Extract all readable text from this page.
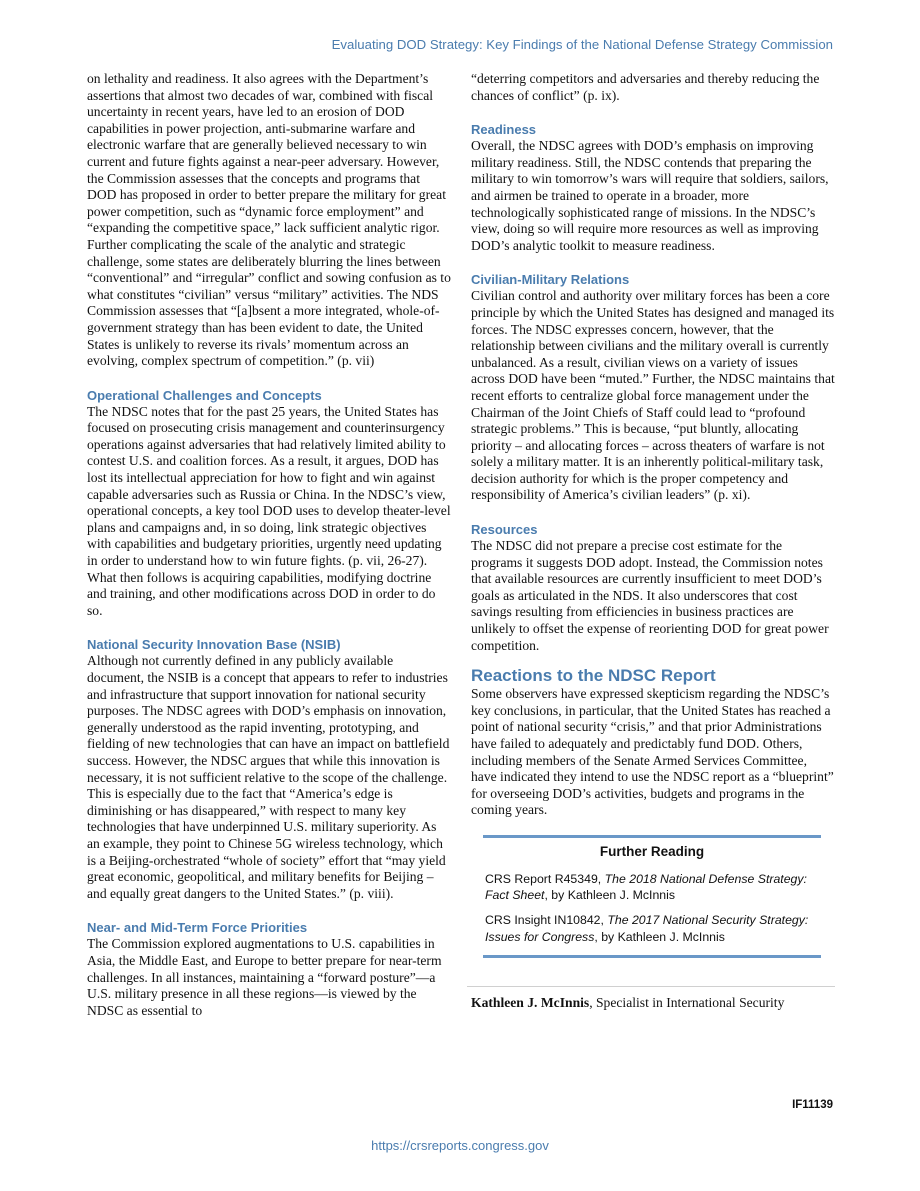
Evaluating DOD Strategy: Key Findings of the National Defense Strategy Commission

on lethality and readiness. It also agrees with the Department’s assertions that almost two decades of war, combined with fiscal uncertainty in recent years, have led to an erosion of DOD capabilities in power projection, anti-submarine warfare and electronic warfare that are generally believed necessary to win current and future fights against a near-peer adversary. However, the Commission assesses that the concepts and programs that DOD has proposed in order to better prepare the military for great power competition, such as “dynamic force employment” and “expanding the competitive space,” lack sufficient analytic rigor. Further complicating the scale of the analytic and strategic challenge, some states are deliberately blurring the lines between “conventional” and “irregular” conflict and sowing confusion as to what constitutes “civilian” versus “military” activities. The NDS Commission assesses that “[a]bsent a more integrated, whole-of-government strategy than has been evident to date, the United States is unlikely to reverse its rivals’ momentum across an evolving, complex spectrum of competition.” (p. vii)

Operational Challenges and Concepts

The NDSC notes that for the past 25 years, the United States has focused on prosecuting crisis management and counterinsurgency operations against adversaries that had relatively limited ability to contest U.S. and coalition forces. As a result, it argues, DOD has lost its intellectual appreciation for how to fight and win against capable adversaries such as Russia or China. In the NDSC’s view, operational concepts, a key tool DOD uses to develop theater-level plans and campaigns and, in so doing, link strategic objectives with capabilities and budgetary priorities, urgently need updating in order to understand how to win future fights. (p. vii, 26-27). What then follows is acquiring capabilities, modifying doctrine and training, and other modifications across DOD in order to do so.

National Security Innovation Base (NSIB)

Although not currently defined in any publicly available document, the NSIB is a concept that appears to refer to industries and infrastructure that support innovation for national security purposes. The NDSC agrees with DOD’s emphasis on innovation, generally understood as the rapid inventing, prototyping, and fielding of new technologies that can have an impact on battlefield success. However, the NDSC argues that while this innovation is necessary, it is not sufficient relative to the scope of the challenge. This is especially due to the fact that “America’s edge is diminishing or has disappeared,” with respect to many key technologies that have underpinned U.S. military superiority. As an example, they point to Chinese 5G wireless technology, which is a Beijing-orchestrated “whole of society” effort that “may yield great economic, geopolitical, and military benefits for Beijing – and equally great dangers to the United States.” (p. viii).

Near- and Mid-Term Force Priorities

The Commission explored augmentations to U.S. capabilities in Asia, the Middle East, and Europe to better prepare for near-term challenges. In all instances, maintaining a “forward posture”—a U.S. military presence in all these regions—is viewed by the NDSC as essential to

“deterring competitors and adversaries and thereby reducing the chances of conflict” (p. ix).

Readiness

Overall, the NDSC agrees with DOD’s emphasis on improving military readiness. Still, the NDSC contends that preparing the military to win tomorrow’s wars will require that soldiers, sailors, and airmen be trained to operate in a broader, more technologically sophisticated range of missions. In the NDSC’s view, doing so will require more resources as well as improving DOD’s analytic toolkit to measure readiness.

Civilian-Military Relations

Civilian control and authority over military forces has been a core principle by which the United States has designed and managed its forces. The NDSC expresses concern, however, that the relationship between civilians and the military overall is currently unbalanced. As a result, civilian views on a variety of issues across DOD have been “muted.” Further, the NDSC maintains that recent efforts to centralize global force management under the Chairman of the Joint Chiefs of Staff could lead to “profound strategic problems.” This is because, “put bluntly, allocating priority – and allocating forces – across theaters of warfare is not solely a military matter. It is an inherently political-military task, decision authority for which is the proper competency and responsibility of America’s civilian leaders” (p. xi).

Resources

The NDSC did not prepare a precise cost estimate for the programs it suggests DOD adopt. Instead, the Commission notes that available resources are currently insufficient to meet DOD’s goals as articulated in the NDS. It also underscores that cost savings resulting from efficiencies in business practices are unlikely to offset the expense of reorienting DOD for great power competition.

Reactions to the NDSC Report

Some observers have expressed skepticism regarding the NDSC’s key conclusions, in particular, that the United States has reached a point of national security “crisis,” and that prior Administrations have failed to adequately and predictably fund DOD. Others, including members of the Senate Armed Services Committee, have indicated they intend to use the NDSC report as a “blueprint” for overseeing DOD’s activities, budgets and programs in the coming years.

Further Reading

CRS Report R45349, The 2018 National Defense Strategy: Fact Sheet, by Kathleen J. McInnis

CRS Insight IN10842, The 2017 National Security Strategy: Issues for Congress, by Kathleen J. McInnis

Kathleen J. McInnis, Specialist in International Security

IF11139
https://crsreports.congress.gov
